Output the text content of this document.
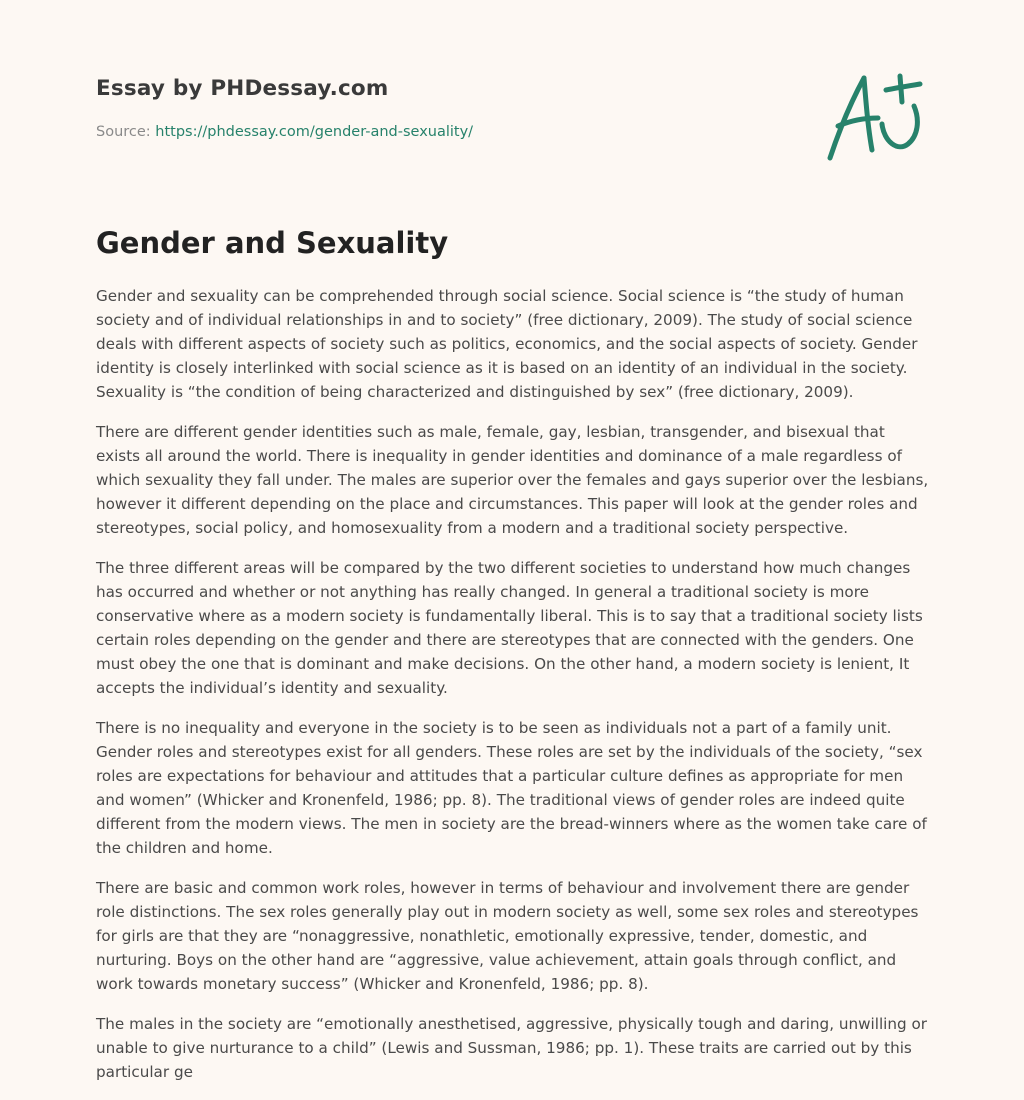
Essay by PHDessay.com
Source: https://phdessay.com/gender-and-sexuality/
Gender and Sexuality

Gender and sexuality can be comprehended through social science. Social science is “the study of human society and of individual relationships in and to society” (free dictionary, 2009). The study of social science deals with different aspects of society such as politics, economics, and the social aspects of society. Gender identity is closely interlinked with social science as it is based on an identity of an individual in the society. Sexuality is “the condition of being characterized and distinguished by sex” (free dictionary, 2009).

There are different gender identities such as male, female, gay, lesbian, transgender, and bisexual that exists all around the world. There is inequality in gender identities and dominance of a male regardless of which sexuality they fall under. The males are superior over the females and gays superior over the lesbians, however it different depending on the place and circumstances. This paper will look at the gender roles and stereotypes, social policy, and homosexuality from a modern and a traditional society perspective.

The three different areas will be compared by the two different societies to understand how much changes has occurred and whether or not anything has really changed. In general a traditional society is more conservative where as a modern society is fundamentally liberal. This is to say that a traditional society lists certain roles depending on the gender and there are stereotypes that are connected with the genders. One must obey the one that is dominant and make decisions. On the other hand, a modern society is lenient, It accepts the individual’s identity and sexuality.

There is no inequality and everyone in the society is to be seen as individuals not a part of a family unit. Gender roles and stereotypes exist for all genders. These roles are set by the individuals of the society, “sex roles are expectations for behaviour and attitudes that a particular culture defines as appropriate for men and women” (Whicker and Kronenfeld, 1986; pp. 8). The traditional views of gender roles are indeed quite different from the modern views. The men in society are the bread-winners where as the women take care of the children and home.

There are basic and common work roles, however in terms of behaviour and involvement there are gender role distinctions. The sex roles generally play out in modern society as well, some sex roles and stereotypes for girls are that they are “nonaggressive, nonathletic, emotionally expressive, tender, domestic, and nurturing. Boys on the other hand are “aggressive, value achievement, attain goals through conflict, and work towards monetary success” (Whicker and Kronenfeld, 1986; pp. 8).

The males in the society are “emotionally anesthetised, aggressive, physically tough and daring, unwilling or unable to give nurturance to a child” (Lewis and Sussman, 1986; pp. 1). These traits are carried out by this particular ge
